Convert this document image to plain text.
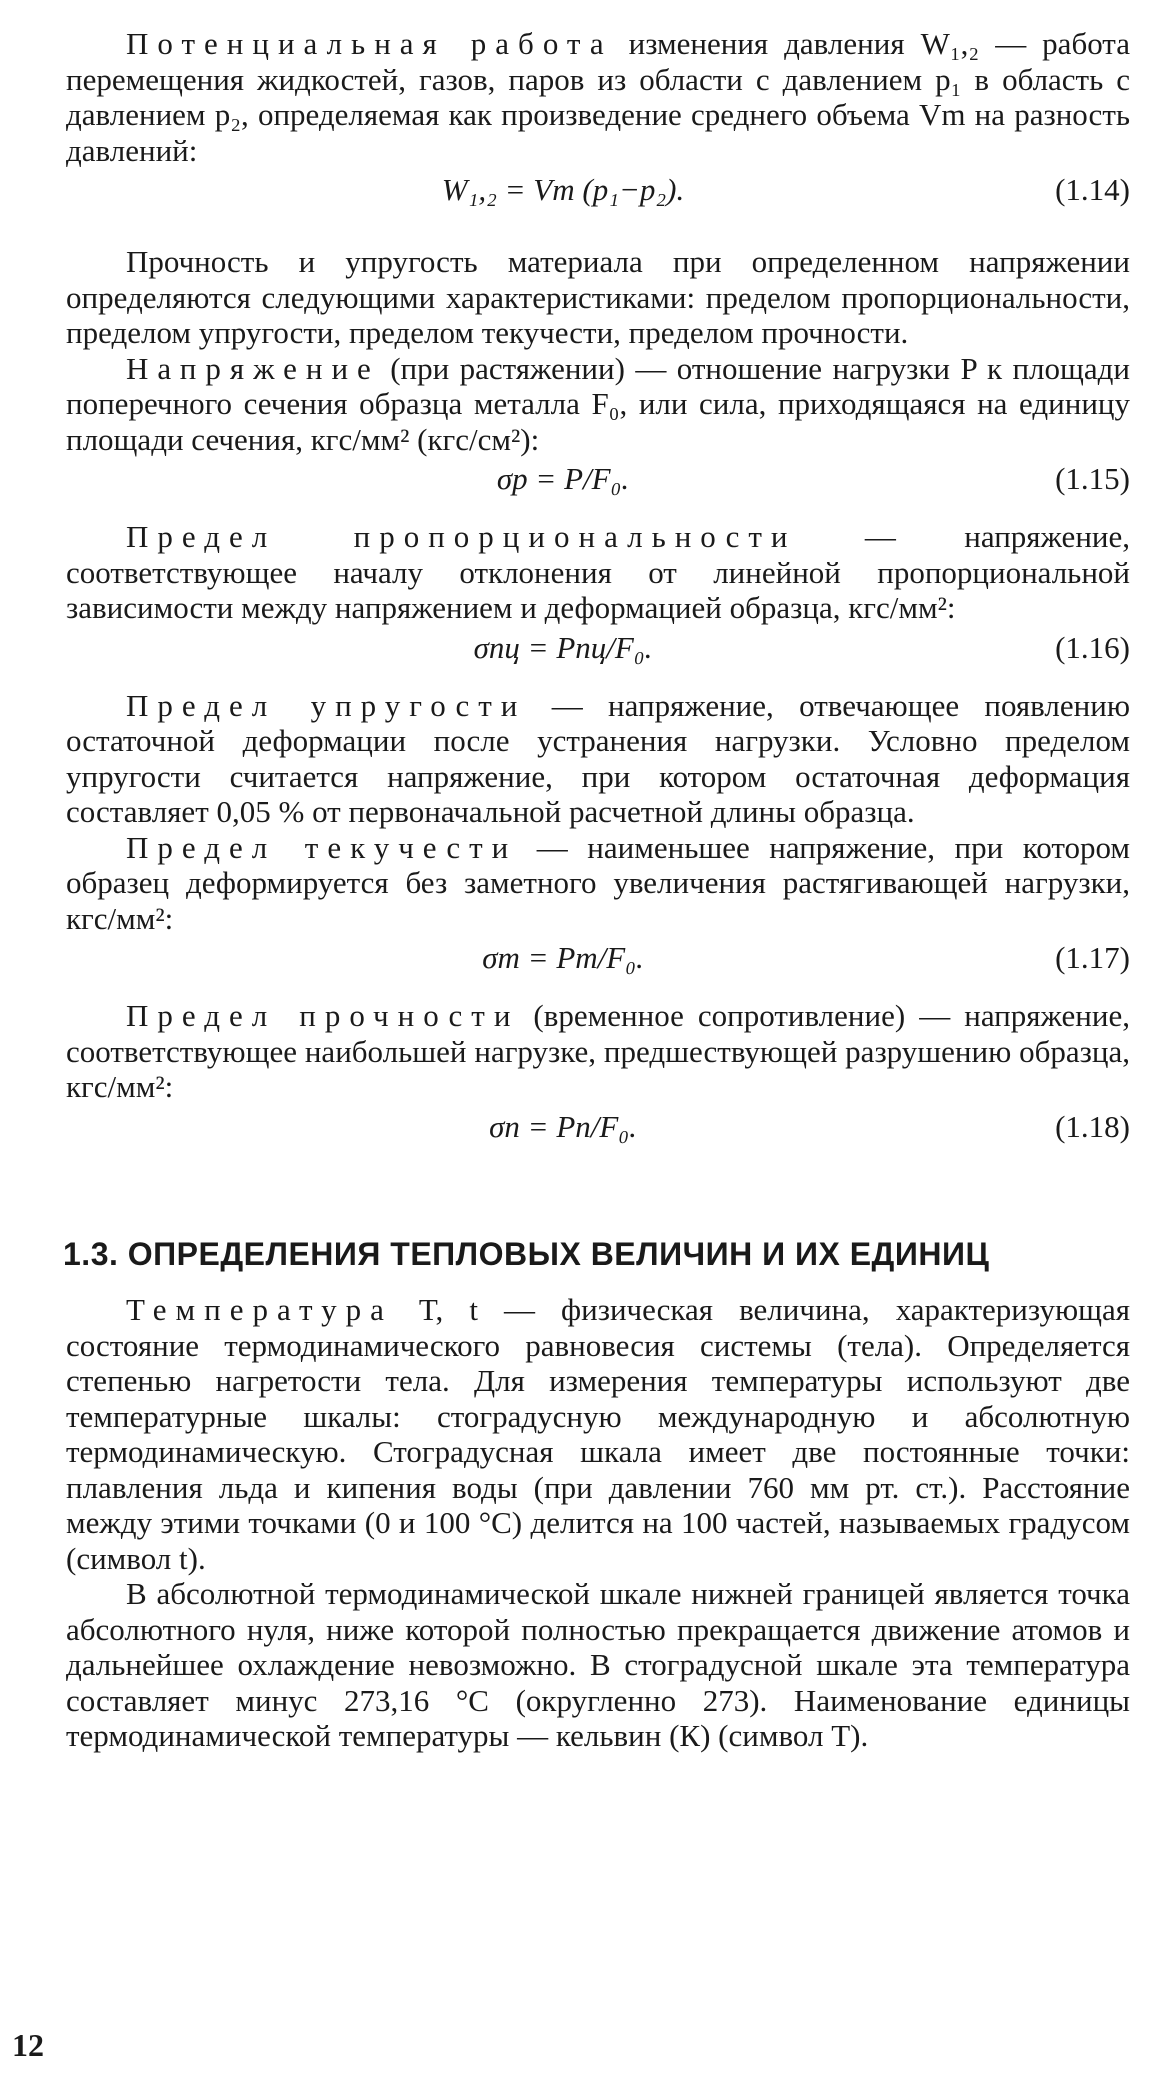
Потенциальная работа изменения давления W₁,₂ — работа перемещения жидкостей, газов, паров из области с давлением p₁ в область с давлением p₂, определяемая как произведение среднего объема Vm на разность давлений:

W₁,₂ = Vm (p₁−p₂).	(1.14)

Прочность и упругость материала при определенном напряжении определяются следующими характеристиками: пределом пропорциональности, пределом упругости, пределом текучести, пределом прочности.

Напряжение (при растяжении) — отношение нагрузки P к площади поперечного сечения образца металла F₀, или сила, приходящаяся на единицу площади сечения, кгс/мм² (кгс/см²):

σp = P/F₀.	(1.15)

Предел пропорциональности — напряжение, соответствующее началу отклонения от линейной пропорциональной зависимости между напряжением и деформацией образца, кгс/мм²:

σпц = Pпц/F₀.	(1.16)

Предел упругости — напряжение, отвечающее появлению остаточной деформации после устранения нагрузки. Условно пределом упругости считается напряжение, при котором остаточная деформация составляет 0,05 % от первоначальной расчетной длины образца.

Предел текучести — наименьшее напряжение, при котором образец деформируется без заметного увеличения растягивающей нагрузки, кгс/мм²:

σт = Pт/F₀.	(1.17)

Предел прочности (временное сопротивление) — напряжение, соответствующее наибольшей нагрузке, предшествующей разрушению образца, кгс/мм²:

σп = Pп/F₀.	(1.18)
1.3. ОПРЕДЕЛЕНИЯ ТЕПЛОВЫХ ВЕЛИЧИН И ИХ ЕДИНИЦ

Температура T, t — физическая величина, характеризующая состояние термодинамического равновесия системы (тела). Определяется степенью нагретости тела. Для измерения температуры используют две температурные шкалы: стоградусную международную и абсолютную термодинамическую. Стоградусная шкала имеет две постоянные точки: плавления льда и кипения воды (при давлении 760 мм рт. ст.). Расстояние между этими точками (0 и 100 °С) делится на 100 частей, называемых градусом (символ t).

В абсолютной термодинамической шкале нижней границей является точка абсолютного нуля, ниже которой полностью прекращается движение атомов и дальнейшее охлаждение невозможно. В стоградусной шкале эта температура составляет минус 273,16 °С (округленно 273). Наименование единицы термодинамической температуры — кельвин (К) (символ T).

12
